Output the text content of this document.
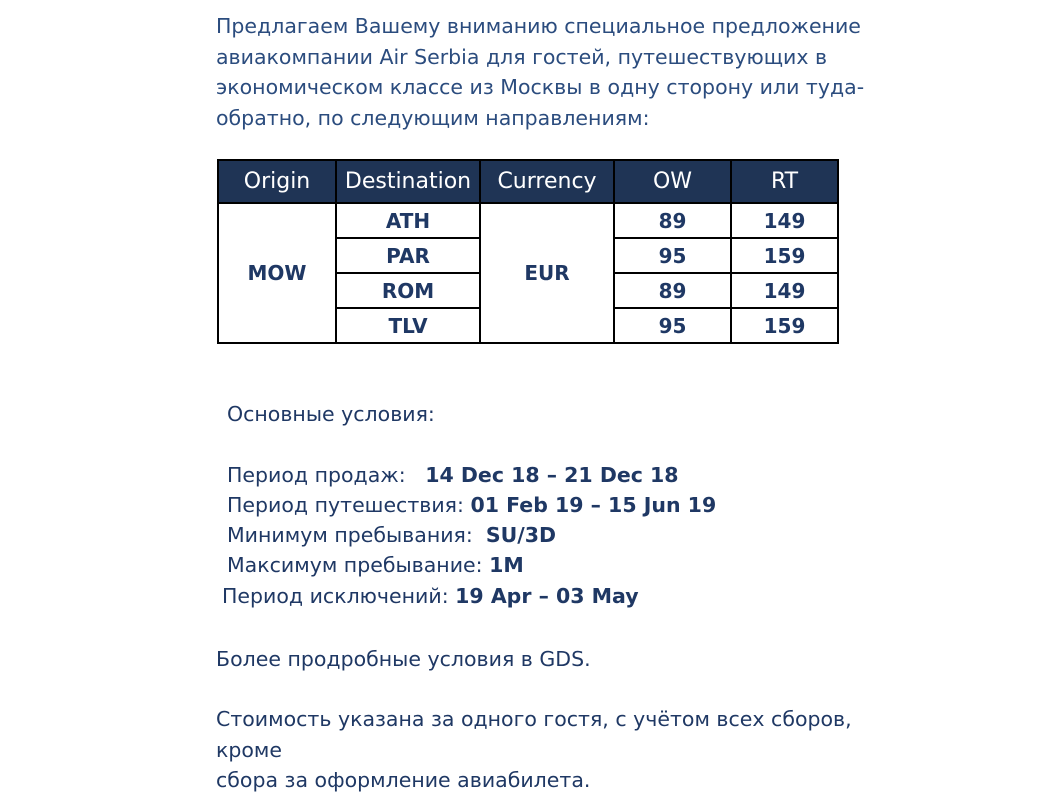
Предлагаем Вашему вниманию специальное предложение

авиакомпании Air Serbia для гостей, путешествующих в

экономическом классе из Москвы в одну сторону или туда-

обратно, по следующим направлениям:

Origin	Destination	Currency	OW	RT
MOW	ATH	EUR	89	149
	PAR		95	159
	ROM		89	149
	TLV		95	159
Основные условия:
Период продаж: 14 Dec 18 – 21 Dec 18
Период путешествия: 01 Feb 19 – 15 Jun 19
Минимум пребывания: SU/3D
Максимум пребывание: 1M
Период исключений: 19 Apr – 03 May

Более продробные условия в GDS.

Стоимость указана за одного гостя, с учётом всех сборов, кроме

сбора за оформление авиабилета.
